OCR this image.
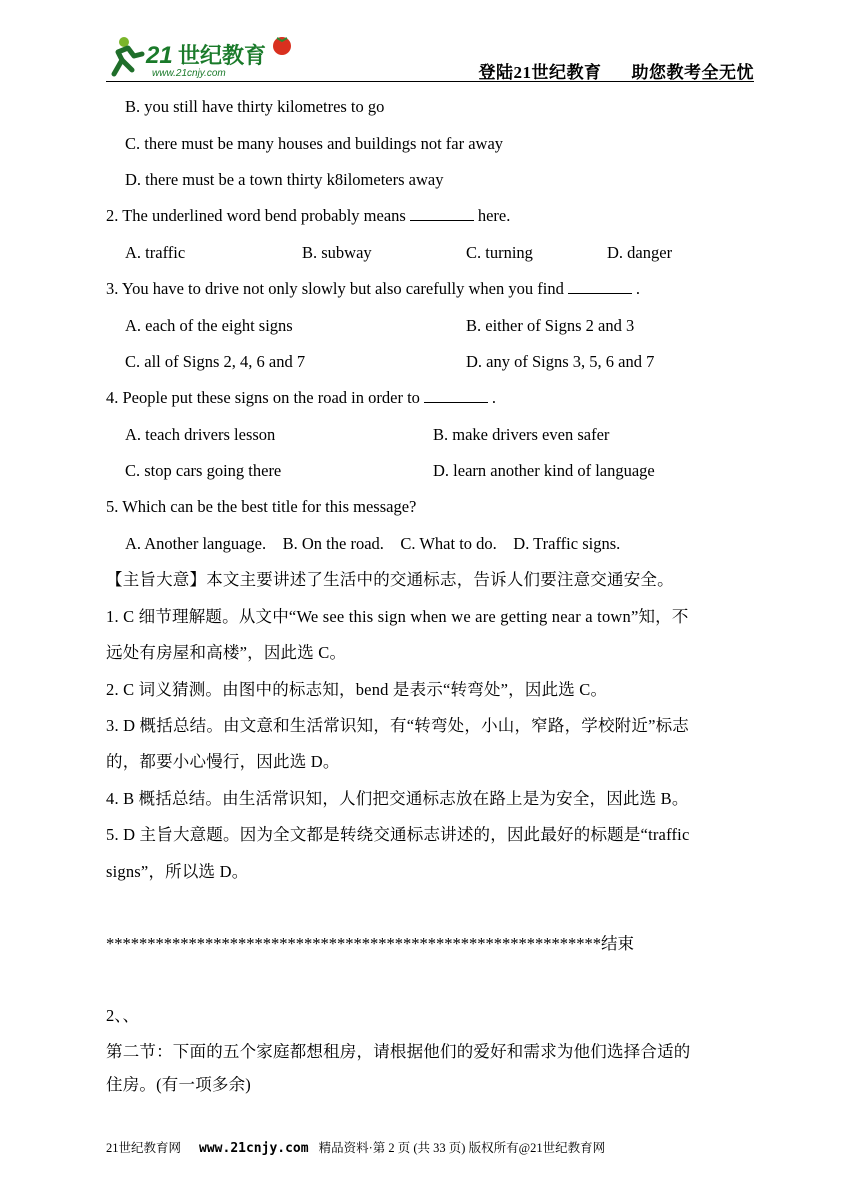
21 世纪教育
www.21cnjy.com	登陆21世纪教育 助您教考全无忧
B. you still have thirty kilometres to go
C. there must be many houses and buildings not far away
D. there must be a town thirty k8ilometers away
2. The underlined word bend probably means	here.
A. traffic	B. subway	C. turning	D. danger
3. You have to drive not only slowly but also carefully when you find	.
A. each of the eight signs	B. either of Signs 2 and 3
C. all of Signs 2, 4, 6 and 7	D. any of Signs 3, 5, 6 and 7
4. People put these signs on the road in order to	.
A. teach drivers lesson	B. make drivers even safer
C. stop cars going there	D. learn another kind of language
5. Which can be the best title for this message?
A. Another language.    B. On the road.    C. What to do.    D. Traffic signs.
【主旨大意】本文主要讲述了生活中的交通标志，告诉人们要注意交通安全。
1. C 细节理解题。从文中“We see this sign when we are getting near a town”知，不
远处有房屋和高楼”，因此选 C。
2. C 词义猜测。由图中的标志知，bend 是表示“转弯处”，因此选 C。
3. D 概括总结。由文意和生活常识知，有“转弯处，小山，窄路，学校附近”标志
的，都要小心慢行，因此选 D。
4. B 概括总结。由生活常识知，人们把交通标志放在路上是为安全，因此选 B。
5. D 主旨大意题。因为全文都是转绕交通标志讲述的，因此最好的标题是“traffic
signs”，所以选 D。
************************************************************结束
2、、
第二节：下面的五个家庭都想租房，请根据他们的爱好和需求为他们选择合适的
住房。(有一项多余)
21世纪教育网 www.21cnjy.com 精品资料·第 2 页 (共 33 页) 版权所有@21世纪教育网
